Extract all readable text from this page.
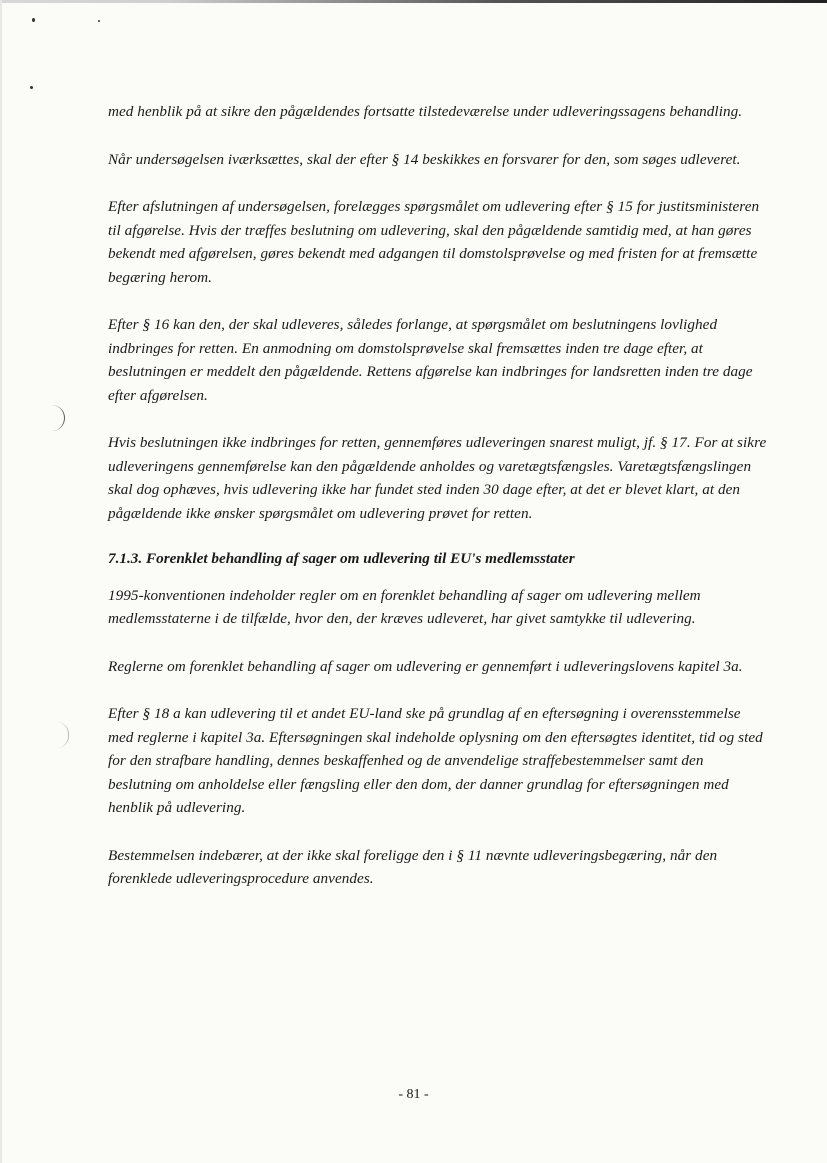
med henblik på at sikre den pågældendes fortsatte tilstedeværelse under udleveringssagens behandling.

Når undersøgelsen iværksættes, skal der efter § 14 beskikkes en forsvarer for den, som søges udleveret.

Efter afslutningen af undersøgelsen, forelægges spørgsmålet om udlevering efter § 15 for justitsministeren til afgørelse. Hvis der træffes beslutning om udlevering, skal den pågældende samtidig med, at han gøres bekendt med afgørelsen, gøres bekendt med adgangen til domstolsprøvelse og med fristen for at fremsætte begæring herom.

Efter § 16 kan den, der skal udleveres, således forlange, at spørgsmålet om beslutningens lovlighed indbringes for retten. En anmodning om domstolsprøvelse skal fremsættes inden tre dage efter, at beslutningen er meddelt den pågældende. Rettens afgørelse kan indbringes for landsretten inden tre dage efter afgørelsen.

Hvis beslutningen ikke indbringes for retten, gennemføres udleveringen snarest muligt, jf. § 17. For at sikre udleveringens gennemførelse kan den pågældende anholdes og varetægtsfængsles. Varetægtsfængslingen skal dog ophæves, hvis udlevering ikke har fundet sted inden 30 dage efter, at det er blevet klart, at den pågældende ikke ønsker spørgsmålet om udlevering prøvet for retten.

7.1.3. Forenklet behandling af sager om udlevering til EU's medlemsstater

1995-konventionen indeholder regler om en forenklet behandling af sager om udlevering mellem medlemsstaterne i de tilfælde, hvor den, der kræves udleveret, har givet samtykke til udlevering.

Reglerne om forenklet behandling af sager om udlevering er gennemført i udleveringslovens kapitel 3a.

Efter § 18 a kan udlevering til et andet EU-land ske på grundlag af en eftersøgning i overensstemmelse med reglerne i kapitel 3a. Eftersøgningen skal indeholde oplysning om den eftersøgtes identitet, tid og sted for den strafbare handling, dennes beskaffenhed og de anvendelige straffebestemmelser samt den beslutning om anholdelse eller fængsling eller den dom, der danner grundlag for eftersøgningen med henblik på udlevering.

Bestemmelsen indebærer, at der ikke skal foreligge den i § 11 nævnte udleveringsbegæring, når den forenklede udleveringsprocedure anvendes.

- 81 -
